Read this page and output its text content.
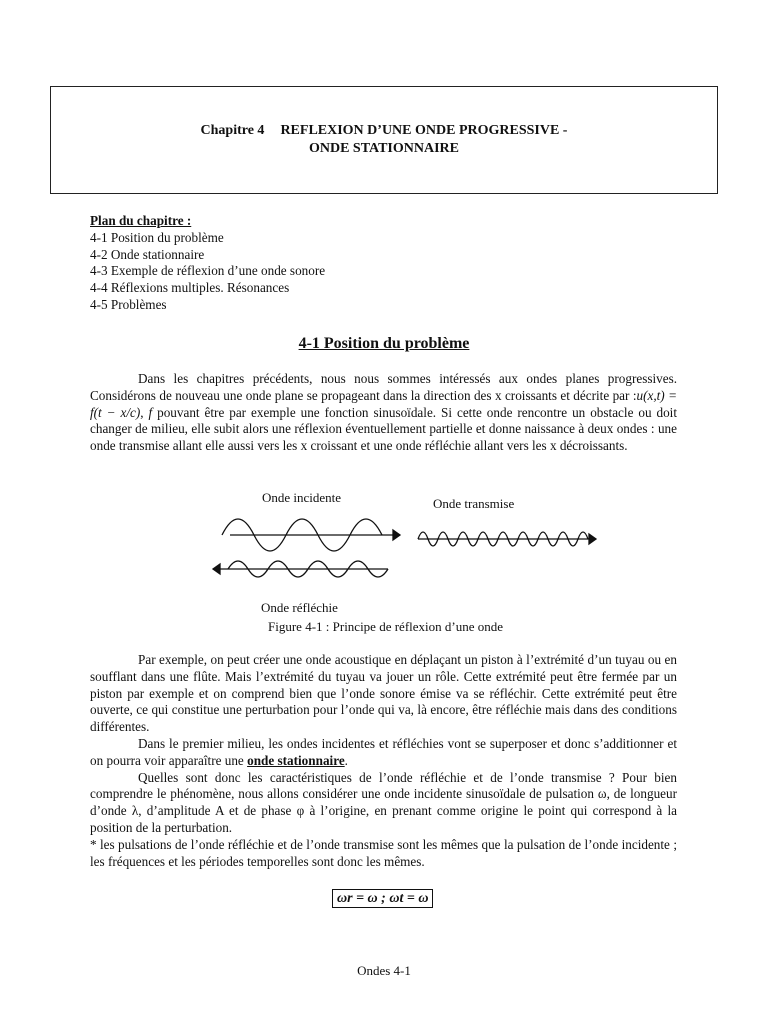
Chapitre 4 REFLEXION D’UNE ONDE PROGRESSIVE -
ONDE STATIONNAIRE
Plan du chapitre :
4-1 Position du problème
4-2 Onde stationnaire
4-3 Exemple de réflexion d’une onde sonore
4-4 Réflexions multiples. Résonances
4-5 Problèmes
4-1 Position du problème
Dans les chapitres précédents, nous nous sommes intéressés aux ondes planes progressives. Considérons de nouveau une onde plane se propageant dans la direction des x croissants et décrite par :u(x,t) = f(t − x/c), f pouvant être par exemple une fonction sinusoïdale. Si cette onde rencontre un obstacle ou doit changer de milieu, elle subit alors une réflexion éventuellement partielle et donne naissance à deux ondes : une onde transmise allant elle aussi vers les x croissant et une onde réfléchie allant vers les x décroissants.
Onde incidente	Onde transmise
Onde réfléchie
Figure 4-1 : Principe de réflexion d’une onde
Par exemple, on peut créer une onde acoustique en déplaçant un piston à l’extrémité d’un tuyau ou en soufflant dans une flûte. Mais l’extrémité du tuyau va jouer un rôle. Cette extrémité peut être fermée par un piston par exemple et on comprend bien que l’onde sonore émise va se réfléchir. Cette extrémité peut être ouverte, ce qui constitue une perturbation pour l’onde qui va, là encore, être réfléchie mais dans des conditions différentes.
Dans le premier milieu, les ondes incidentes et réfléchies vont se superposer et donc s’additionner et on pourra voir apparaître une onde stationnaire.
Quelles sont donc les caractéristiques de l’onde réfléchie et de l’onde transmise ? Pour bien comprendre le phénomène, nous allons considérer une onde incidente sinusoïdale de pulsation ω, de longueur d’onde λ, d’amplitude A et de phase φ à l’origine, en prenant comme origine le point qui correspond à la position de la perturbation.
* les pulsations de l’onde réfléchie et de l’onde transmise sont les mêmes que la pulsation de l’onde incidente ; les fréquences et les périodes temporelles sont donc les mêmes.
ωr = ω ; ωt = ω
Ondes 4-1
